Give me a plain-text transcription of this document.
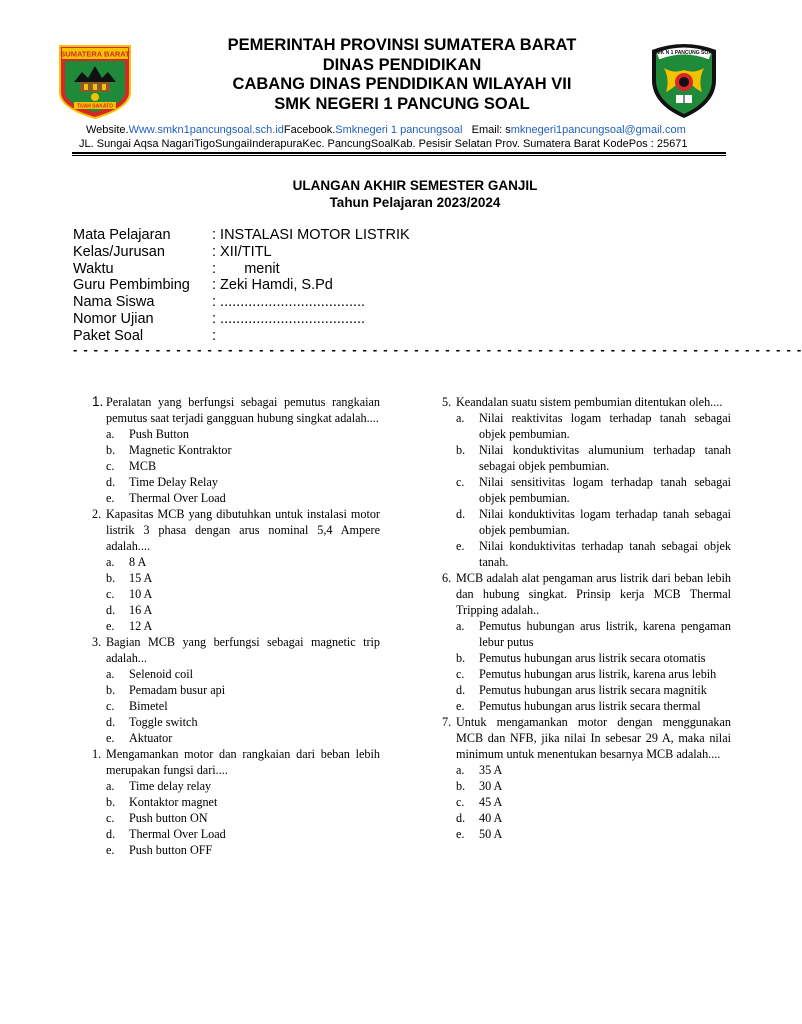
SUMATERA BARAT
TUAH SAKATO
PEMERINTAH PROVINSI SUMATERA BARAT
DINAS PENDIDIKAN
CABANG DINAS PENDIDIKAN WILAYAH VII
SMK NEGERI 1 PANCUNG SOAL
SMK N 1 PANCUNG SOAL
Website.Www.smkn1pancungsoal.sch.idFacebook.Smknegeri 1 pancungsoal Email: smknegeri1pancungsoal@gmail.com
JL. Sungai Aqsa NagariTigoSungaiInderapuraKec. PancungSoalKab. Pesisir Selatan Prov. Sumatera Barat KodePos : 25671
ULANGAN AKHIR SEMESTER GANJIL
Tahun Pelajaran 2023/2024
Mata Pelajaran	: INSTALASI MOTOR LISTRIK
Kelas/Jurusan	: XII/TITL
Waktu	:       menit
Guru Pembimbing	: Zeki Hamdi, S.Pd
Nama Siswa	: ....................................
Nomor Ujian	: ....................................
Paket Soal	:
- - - - - - - - - - - - - - - - - - - - - - - - - - - - - - - - - - - - - - - - - - - - - - - - - - - - - - - - - - - - - - - - - - - - - - -
1. Peralatan yang berfungsi sebagai pemutus rangkaian pemutus saat terjadi gangguan hubung singkat adalah....
a.	Push Button
b.	Magnetic Kontraktor
c.	MCB
d.	Time Delay Relay
e.	Thermal Over Load
2. Kapasitas MCB yang dibutuhkan untuk instalasi motor listrik 3 phasa dengan arus nominal 5,4 Ampere adalah....
a.	8 A
b.	15 A
c.	10 A
d.	16 A
e.	12 A
3. Bagian MCB yang berfungsi sebagai magnetic trip adalah...
a.	Selenoid coil
b.	Pemadam busur api
c.	Bimetel
d.	Toggle switch
e.	Aktuator
1. Mengamankan motor dan rangkaian dari beban lebih merupakan fungsi dari....
a.	Time delay relay
b.	Kontaktor magnet
c.	Push button ON
d.	Thermal Over Load
e.	Push button OFF
5. Keandalan suatu sistem pembumian ditentukan oleh....
a.	Nilai reaktivitas logam terhadap tanah sebagai objek pembumian.
b.	Nilai konduktivitas alumunium terhadap tanah sebagai objek pembumian.
c.	Nilai sensitivitas logam terhadap tanah sebagai objek pembumian.
d.	Nilai konduktivitas logam terhadap tanah sebagai objek pembumian.
e.	Nilai konduktivitas terhadap tanah sebagai objek tanah.
6. MCB adalah alat pengaman arus listrik dari beban lebih dan hubung singkat. Prinsip kerja MCB Thermal Tripping adalah..
a.	Pemutus hubungan arus listrik, karena pengaman lebur putus
b.	Pemutus hubungan arus listrik secara otomatis
c.	Pemutus hubungan arus listrik, karena arus lebih
d.	Pemutus hubungan arus listrik secara magnitik
e.	Pemutus hubungan arus listrik secara thermal
7. Untuk mengamankan motor dengan menggunakan MCB dan NFB, jika nilai In sebesar 29 A, maka nilai minimum untuk menentukan besarnya MCB adalah....
a.	35 A
b.	30 A
c.	45 A
d.	40 A
e.	50 A
